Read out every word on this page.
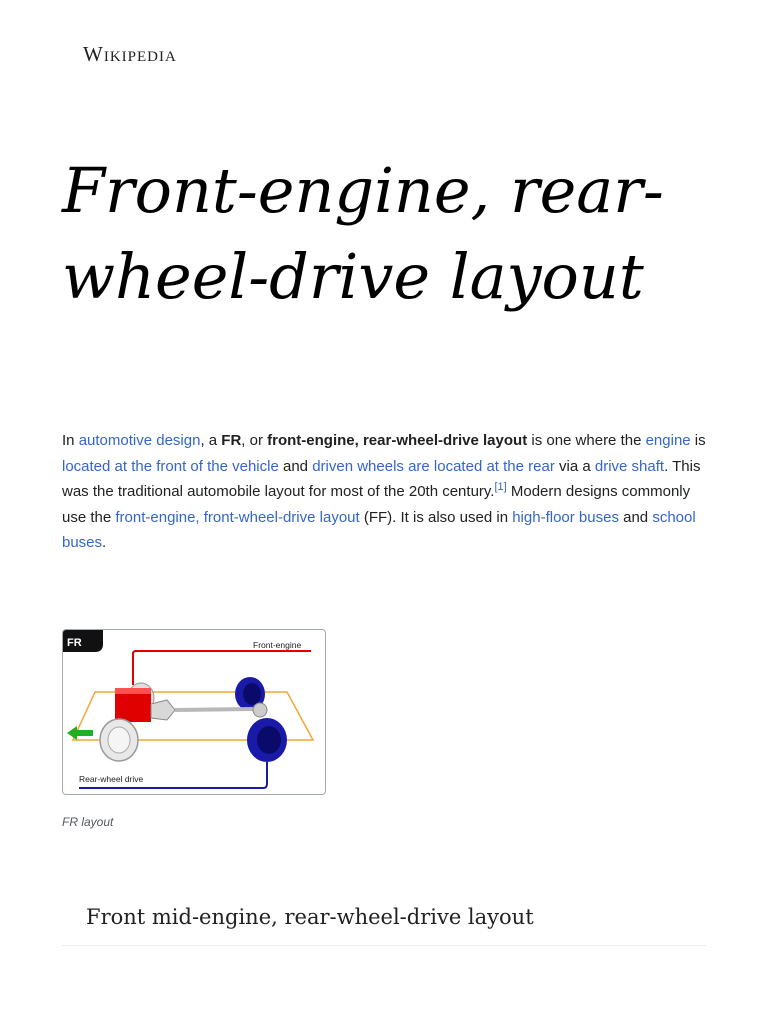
Wikipedia
Front-engine, rear-wheel-drive layout

In automotive design, a FR, or front-engine, rear-wheel-drive layout is one where the engine is located at the front of the vehicle and driven wheels are located at the rear via a drive shaft. This was the traditional automobile layout for most of the 20th century.[1] Modern designs commonly use the front-engine, front-wheel-drive layout (FF). It is also used in high-floor buses and school buses.

FR	Front-engine
Rear-wheel drive

FR layout

Front mid-engine, rear-wheel-drive layout
